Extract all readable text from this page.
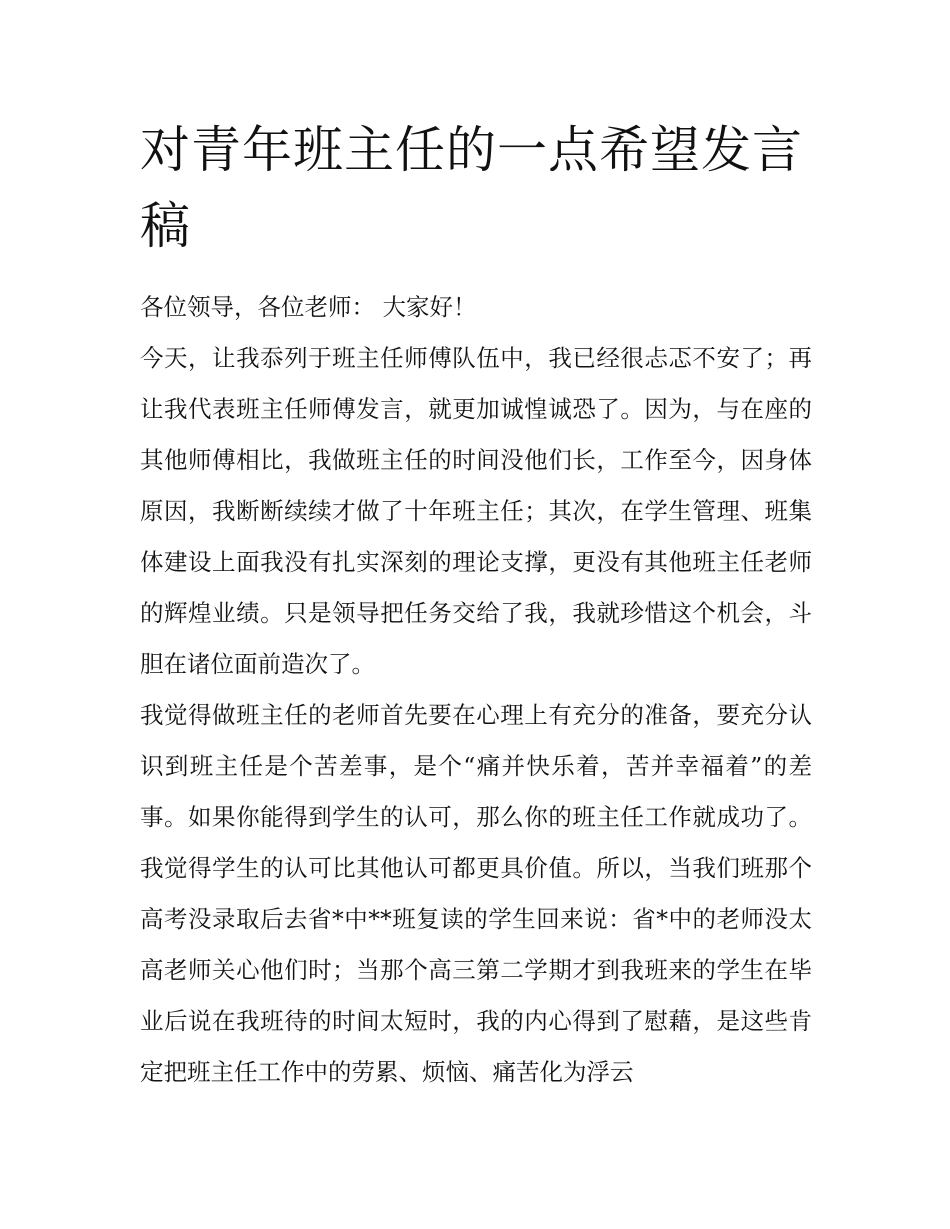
对青年班主任的一点希望发言稿

各位领导，各位老师： 大家好！

今天，让我忝列于班主任师傅队伍中，我已经很忐忑不安了；再让我代表班主任师傅发言，就更加诚惶诚恐了。因为，与在座的其他师傅相比，我做班主任的时间没他们长，工作至今，因身体原因，我断断续续才做了十年班主任；其次，在学生管理、班集体建设上面我没有扎实深刻的理论支撑，更没有其他班主任老师的辉煌业绩。只是领导把任务交给了我，我就珍惜这个机会，斗胆在诸位面前造次了。

我觉得做班主任的老师首先要在心理上有充分的准备，要充分认识到班主任是个苦差事，是个“痛并快乐着，苦并幸福着”的差事。如果你能得到学生的认可，那么你的班主任工作就成功了。我觉得学生的认可比其他认可都更具价值。所以，当我们班那个高考没录取后去省*中**班复读的学生回来说：省*中的老师没太高老师关心他们时；当那个高三第二学期才到我班来的学生在毕业后说在我班待的时间太短时，我的内心得到了慰藉，是这些肯定把班主任工作中的劳累、烦恼、痛苦化为浮云
